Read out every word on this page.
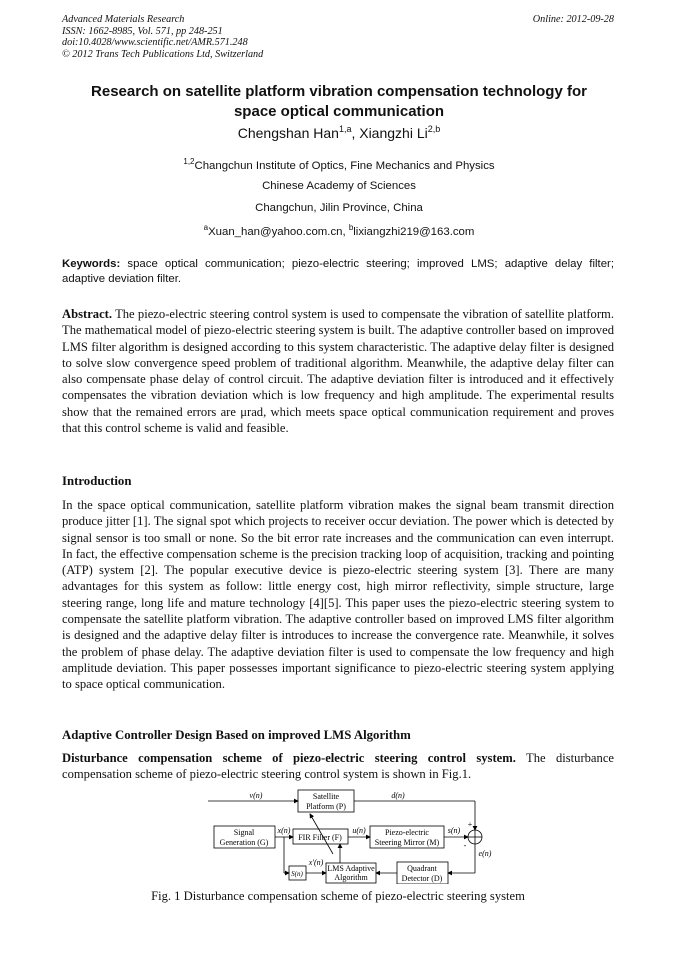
Advanced Materials Research
ISSN: 1662-8985, Vol. 571, pp 248-251
doi:10.4028/www.scientific.net/AMR.571.248
© 2012 Trans Tech Publications Ltd, Switzerland
Online: 2012-09-28
Research on satellite platform vibration compensation technology for
space optical communication
Chengshan Han$^{1,a}$, Xiangzhi Li$^{2,b}$
$^{1,2}$Changchun Institute of Optics, Fine Mechanics and Physics
Chinese Academy of Sciences
Changchun, Jilin Province, China
$^a$Xuan_han@yahoo.com.cn, $^b$lixiangzhi219@163.com
Keywords: space optical communication; piezo-electric steering; improved LMS; adaptive delay filter; adaptive deviation filter.
Abstract. The piezo-electric steering control system is used to compensate the vibration of satellite platform. The mathematical model of piezo-electric steering system is built. The adaptive controller based on improved LMS filter algorithm is designed according to this system characteristic. The adaptive delay filter is designed to solve slow convergence speed problem of traditional algorithm. Meanwhile, the adaptive delay filter can also compensate phase delay of control circuit. The adaptive deviation filter is introduced and it effectively compensates the vibration deviation which is low frequency and high amplitude. The experimental results show that the remained errors are μrad, which meets space optical communication requirement and proves that this control scheme is valid and feasible.
Introduction
In the space optical communication, satellite platform vibration makes the signal beam transmit direction produce jitter [1]. The signal spot which projects to receiver occur deviation. The power which is detected by signal sensor is too small or none. So the bit error rate increases and the communication can even interrupt. In fact, the effective compensation scheme is the precision tracking loop of acquisition, tracking and pointing (ATP) system [2]. The popular executive device is piezo-electric steering system [3]. There are many advantages for this system as follow: little energy cost, high mirror reflectivity, simple structure, large steering range, long life and mature technology [4][5]. This paper uses the piezo-electric steering system to compensate the satellite platform vibration. The adaptive controller based on improved LMS filter algorithm is designed and the adaptive delay filter is introduces to increase the convergence rate. Meanwhile, it solves the problem of phase delay. The adaptive deviation filter is used to compensate the low frequency and high amplitude deviation. This paper possesses important significance to piezo-electric steering system applying to space optical communication.
Adaptive Controller Design Based on improved LMS Algorithm
Disturbance compensation scheme of piezo-electric steering control system. The disturbance compensation scheme of piezo-electric steering control system is shown in Fig.1.
v(n)	d(n)
Satellite
Platform (P)
Signal
Generation (G)
x(n)
FIR Filter (F)
u(n) Piezo-electric
Steering Mirror (M)
s(n)
+
-
e(n)
x'(n)
S(n)
LMS Adaptive
Algorithm
Quadrant
Detector (D)
Fig. 1 Disturbance compensation scheme of piezo-electric steering system
